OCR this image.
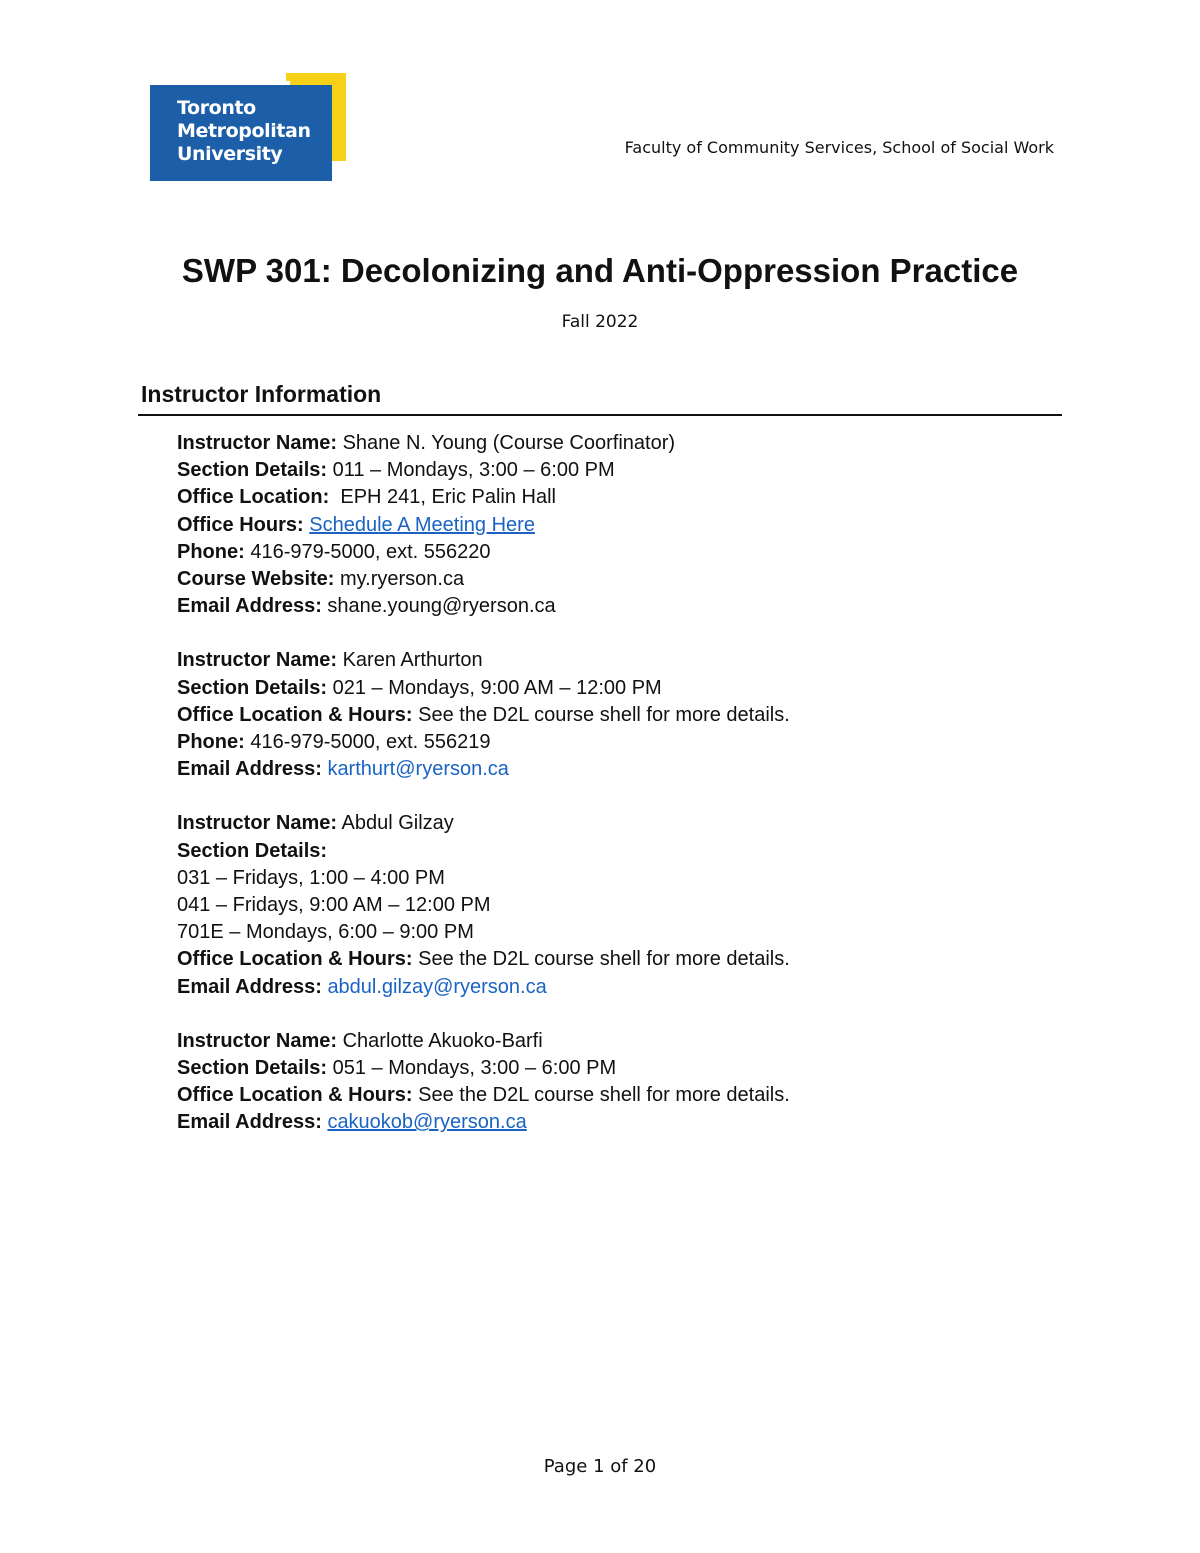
Toronto
Metropolitan
University	Faculty of Community Services, School of Social Work
SWP 301: Decolonizing and Anti-Oppression Practice
Fall 2022
Instructor Information
Instructor Name: Shane N. Young (Course Coorfinator)
Section Details: 011 – Mondays, 3:00 – 6:00 PM
Office Location:  EPH 241, Eric Palin Hall
Office Hours: Schedule A Meeting Here
Phone: 416-979-5000, ext. 556220
Course Website: my.ryerson.ca
Email Address: shane.young@ryerson.ca
Instructor Name: Karen Arthurton
Section Details: 021 – Mondays, 9:00 AM – 12:00 PM
Office Location & Hours: See the D2L course shell for more details.
Phone: 416-979-5000, ext. 556219
Email Address: karthurt@ryerson.ca
Instructor Name: Abdul Gilzay
Section Details:
031 – Fridays, 1:00 – 4:00 PM
041 – Fridays, 9:00 AM – 12:00 PM
701E – Mondays, 6:00 – 9:00 PM
Office Location & Hours: See the D2L course shell for more details.
Email Address: abdul.gilzay@ryerson.ca
Instructor Name: Charlotte Akuoko-Barfi
Section Details: 051 – Mondays, 3:00 – 6:00 PM
Office Location & Hours: See the D2L course shell for more details.
Email Address: cakuokob@ryerson.ca
Page 1 of 20
